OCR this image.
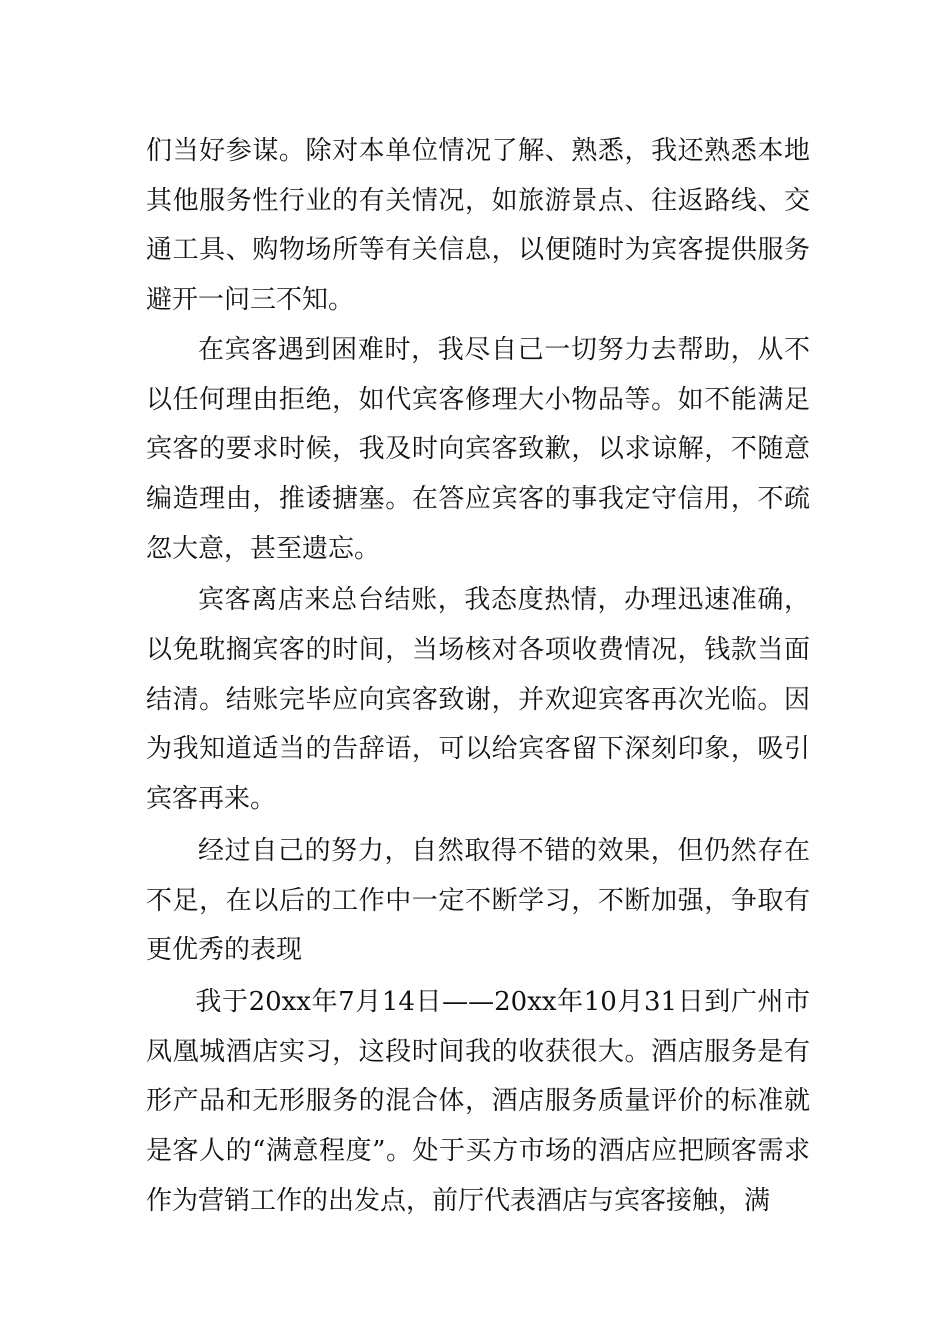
们当好参谋。除对本单位情况了解、熟悉，我还熟悉本地其他服务性行业的有关情况，如旅游景点、往返路线、交通工具、购物场所等有关信息，以便随时为宾客提供服务避开一问三不知。

在宾客遇到困难时，我尽自己一切努力去帮助，从不以任何理由拒绝，如代宾客修理大小物品等。如不能满足宾客的要求时候，我及时向宾客致歉，以求谅解，不随意编造理由，推诿搪塞。在答应宾客的事我定守信用，不疏忽大意，甚至遗忘。

宾客离店来总台结账，我态度热情，办理迅速准确，以免耽搁宾客的时间，当场核对各项收费情况，钱款当面结清。结账完毕应向宾客致谢，并欢迎宾客再次光临。因为我知道适当的告辞语，可以给宾客留下深刻印象，吸引宾客再来。

经过自己的努力，自然取得不错的效果，但仍然存在不足，在以后的工作中一定不断学习，不断加强，争取有更优秀的表现

我于20xx年7月14日——20xx年10月31日到广州市凤凰城酒店实习，这段时间我的收获很大。酒店服务是有形产品和无形服务的混合体，酒店服务质量评价的标准就是客人的“满意程度”。处于买方市场的酒店应把顾客需求作为营销工作的出发点，前厅代表酒店与宾客接触，满
